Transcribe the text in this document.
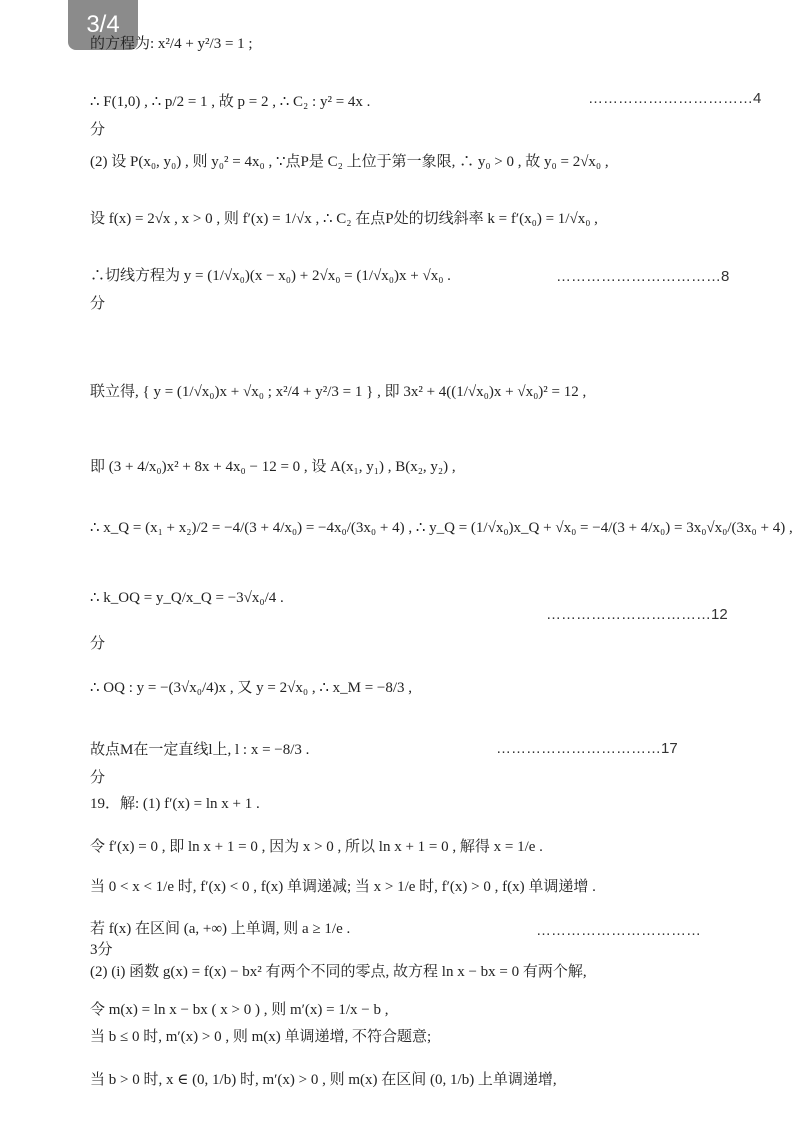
3/4
的方程为: x²/4 + y²/3 = 1 ;
∴ F(1,0) , ∴ p/2 = 1 , 故 p = 2 , ∴ C₂ : y² = 4x .	……………………………4
分
(2) 设 P(x₀, y₀) , 则 y₀² = 4x₀ , ∵点P是 C₂ 上位于第一象限, ∴ y₀ > 0 , 故 y₀ = 2√x₀ ,
设 f(x) = 2√x , x > 0 , 则 f′(x) = 1/√x , ∴ C₂ 在点P处的切线斜率 k = f′(x₀) = 1/√x₀ ,
∴切线方程为 y = (1/√x₀)(x − x₀) + 2√x₀ = (1/√x₀)x + √x₀ .	……………………………8
分
联立得, { y = (1/√x₀)x + √x₀ ; x²/4 + y²/3 = 1 } , 即 3x² + 4((1/√x₀)x + √x₀)² = 12 ,
即 (3 + 4/x₀)x² + 8x + 4x₀ − 12 = 0 , 设 A(x₁, y₁) , B(x₂, y₂) ,
∴ x_Q = (x₁ + x₂)/2 = −4/(3 + 4/x₀) = −4x₀/(3x₀ + 4) , ∴ y_Q = (1/√x₀)x_Q + √x₀ = −4/(3 + 4/x₀) = 3x₀√x₀/(3x₀ + 4) ,
∴ k_OQ = y_Q/x_Q = −3√x₀/4 .
……………………………12
分
∴ OQ : y = −(3√x₀/4)x , 又 y = 2√x₀ , ∴ x_M = −8/3 ,
故点M在一定直线l上, l : x = −8/3 .	……………………………17
分
19．解: (1) f′(x) = ln x + 1 .
令 f′(x) = 0 , 即 ln x + 1 = 0 , 因为 x > 0 , 所以 ln x + 1 = 0 , 解得 x = 1/e .
当 0 < x < 1/e 时, f′(x) < 0 , f(x) 单调递减; 当 x > 1/e 时, f′(x) > 0 , f(x) 单调递增 .
若 f(x) 在区间 (a, +∞) 上单调, 则 a ≥ 1/e .	……………………………
3分
(2) (i) 函数 g(x) = f(x) − bx² 有两个不同的零点, 故方程 ln x − bx = 0 有两个解,
令 m(x) = ln x − bx ( x > 0 ) , 则 m′(x) = 1/x − b ,
当 b ≤ 0 时, m′(x) > 0 , 则 m(x) 单调递增, 不符合题意;
当 b > 0 时, x ∈ (0, 1/b) 时, m′(x) > 0 , 则 m(x) 在区间 (0, 1/b) 上单调递增,
